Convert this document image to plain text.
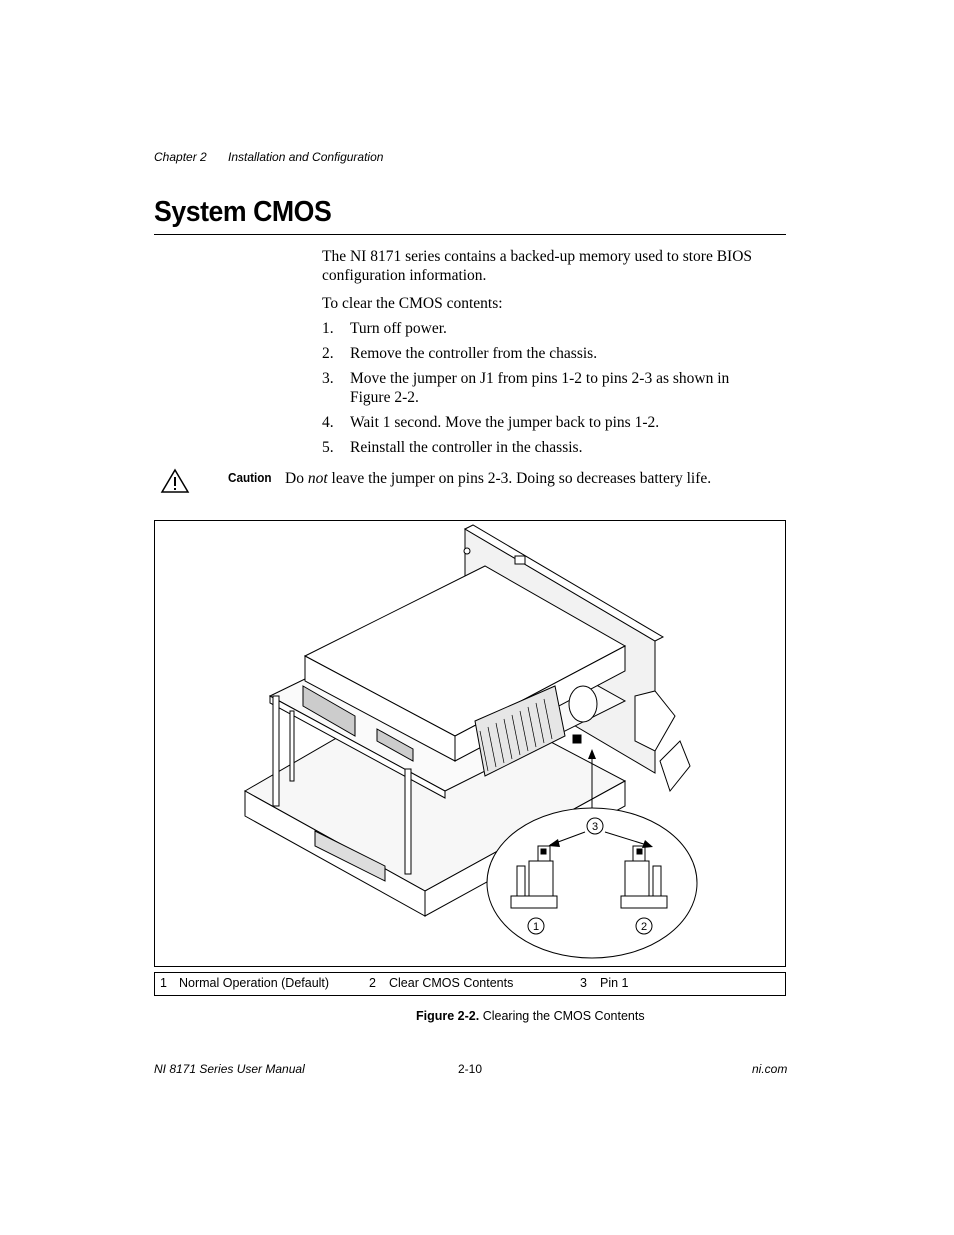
Chapter 2 Installation and Configuration
System CMOS
The NI 8171 series contains a backed-up memory used to store BIOS configuration information.
To clear the CMOS contents:
1. Turn off power.
2. Remove the controller from the chassis.
3. Move the jumper on J1 from pins 1-2 to pins 2-3 as shown in Figure 2-2.
4. Wait 1 second. Move the jumper back to pins 1-2.
5. Reinstall the controller in the chassis.
Caution Do not leave the jumper on pins 2-3. Doing so decreases battery life.
3
1	2
1 Normal Operation (Default)	2 Clear CMOS Contents	3 Pin 1
Figure 2-2. Clearing the CMOS Contents
NI 8171 Series User Manual	2-10	ni.com
